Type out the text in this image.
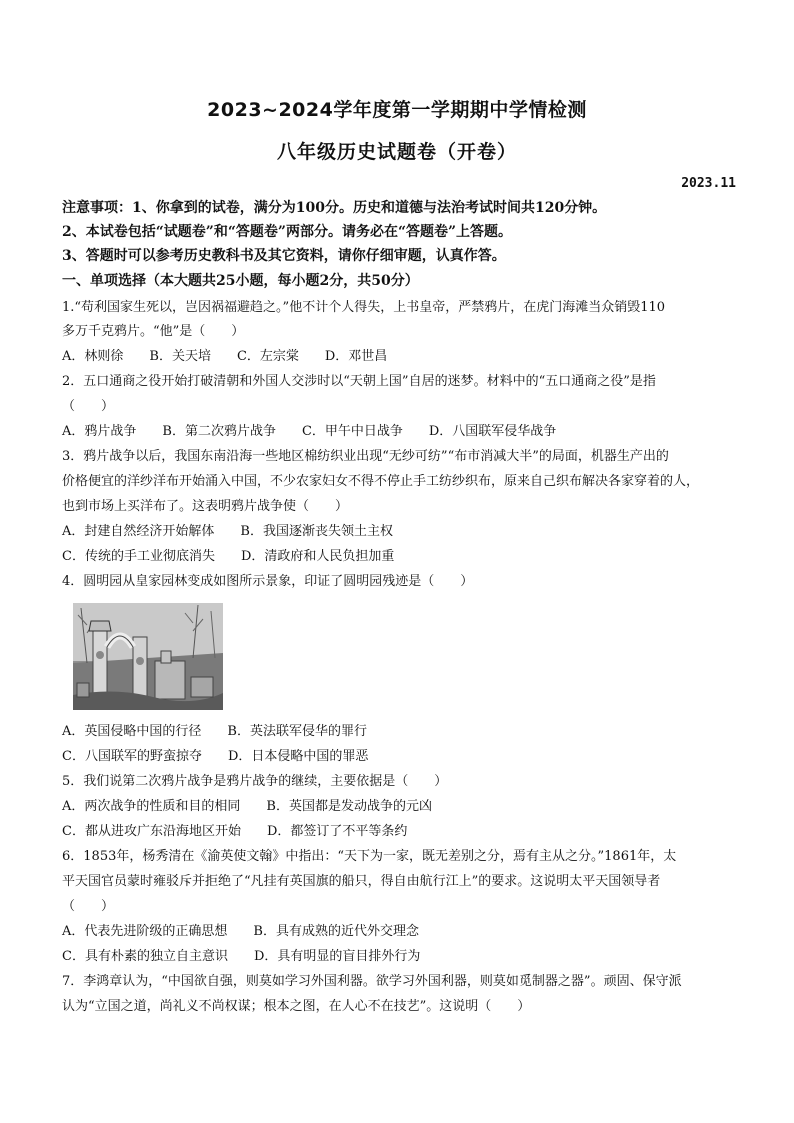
2023~2024学年度第一学期期中学情检测
八年级历史试题卷（开卷）
2023.11
注意事项：1、你拿到的试卷，满分为100分。历史和道德与法治考试时间共120分钟。
2、本试卷包括“试题卷”和“答题卷”两部分。请务必在“答题卷”上答题。
3、答题时可以参考历史教科书及其它资料，请你仔细审题，认真作答。
一、单项选择（本大题共25小题，每小题2分，共50分）
1.“苟利国家生死以，岂因祸福避趋之。”他不计个人得失，上书皇帝，严禁鸦片，在虎门海滩当众销毁110
多万千克鸦片。“他”是（　　）
A．林则徐　　B．关天培　　C．左宗棠　　D．邓世昌
2．五口通商之役开始打破清朝和外国人交涉时以“天朝上国”自居的迷梦。材料中的“五口通商之役”是指
（　　）
A．鸦片战争　　B．第二次鸦片战争　　C．甲午中日战争　　D．八国联军侵华战争
3．鸦片战争以后，我国东南沿海一些地区棉纺织业出现“无纱可纺”“布市消减大半”的局面，机器生产出的
价格便宜的洋纱洋布开始涌入中国，不少农家妇女不得不停止手工纺纱织布，原来自己织布解决各家穿着的人，
也到市场上买洋布了。这表明鸦片战争使（　　）
A．封建自然经济开始解体　　B．我国逐渐丧失领土主权
C．传统的手工业彻底消失　　D．清政府和人民负担加重
4．圆明园从皇家园林变成如图所示景象，印证了圆明园残迹是（　　）
A．英国侵略中国的行径　　B．英法联军侵华的罪行
C．八国联军的野蛮掠夺　　D．日本侵略中国的罪恶
5．我们说第二次鸦片战争是鸦片战争的继续，主要依据是（　　）
A．两次战争的性质和目的相同　　B．英国都是发动战争的元凶
C．都从进攻广东沿海地区开始　　D．都签订了不平等条约
6．1853年，杨秀清在《渝英使文翰》中指出：“天下为一家，既无差别之分，焉有主从之分。”1861年，太
平天国官员蒙时雍驳斥并拒绝了“凡挂有英国旗的船只，得自由航行江上”的要求。这说明太平天国领导者
（　　）
A．代表先进阶级的正确思想　　B．具有成熟的近代外交理念
C．具有朴素的独立自主意识　　D．具有明显的盲目排外行为
7．李鸿章认为，“中国欲自强，则莫如学习外国利器。欲学习外国利器，则莫如觅制器之器”。顽固、保守派
认为“立国之道，尚礼义不尚权谋；根本之图，在人心不在技艺”。这说明（　　）
